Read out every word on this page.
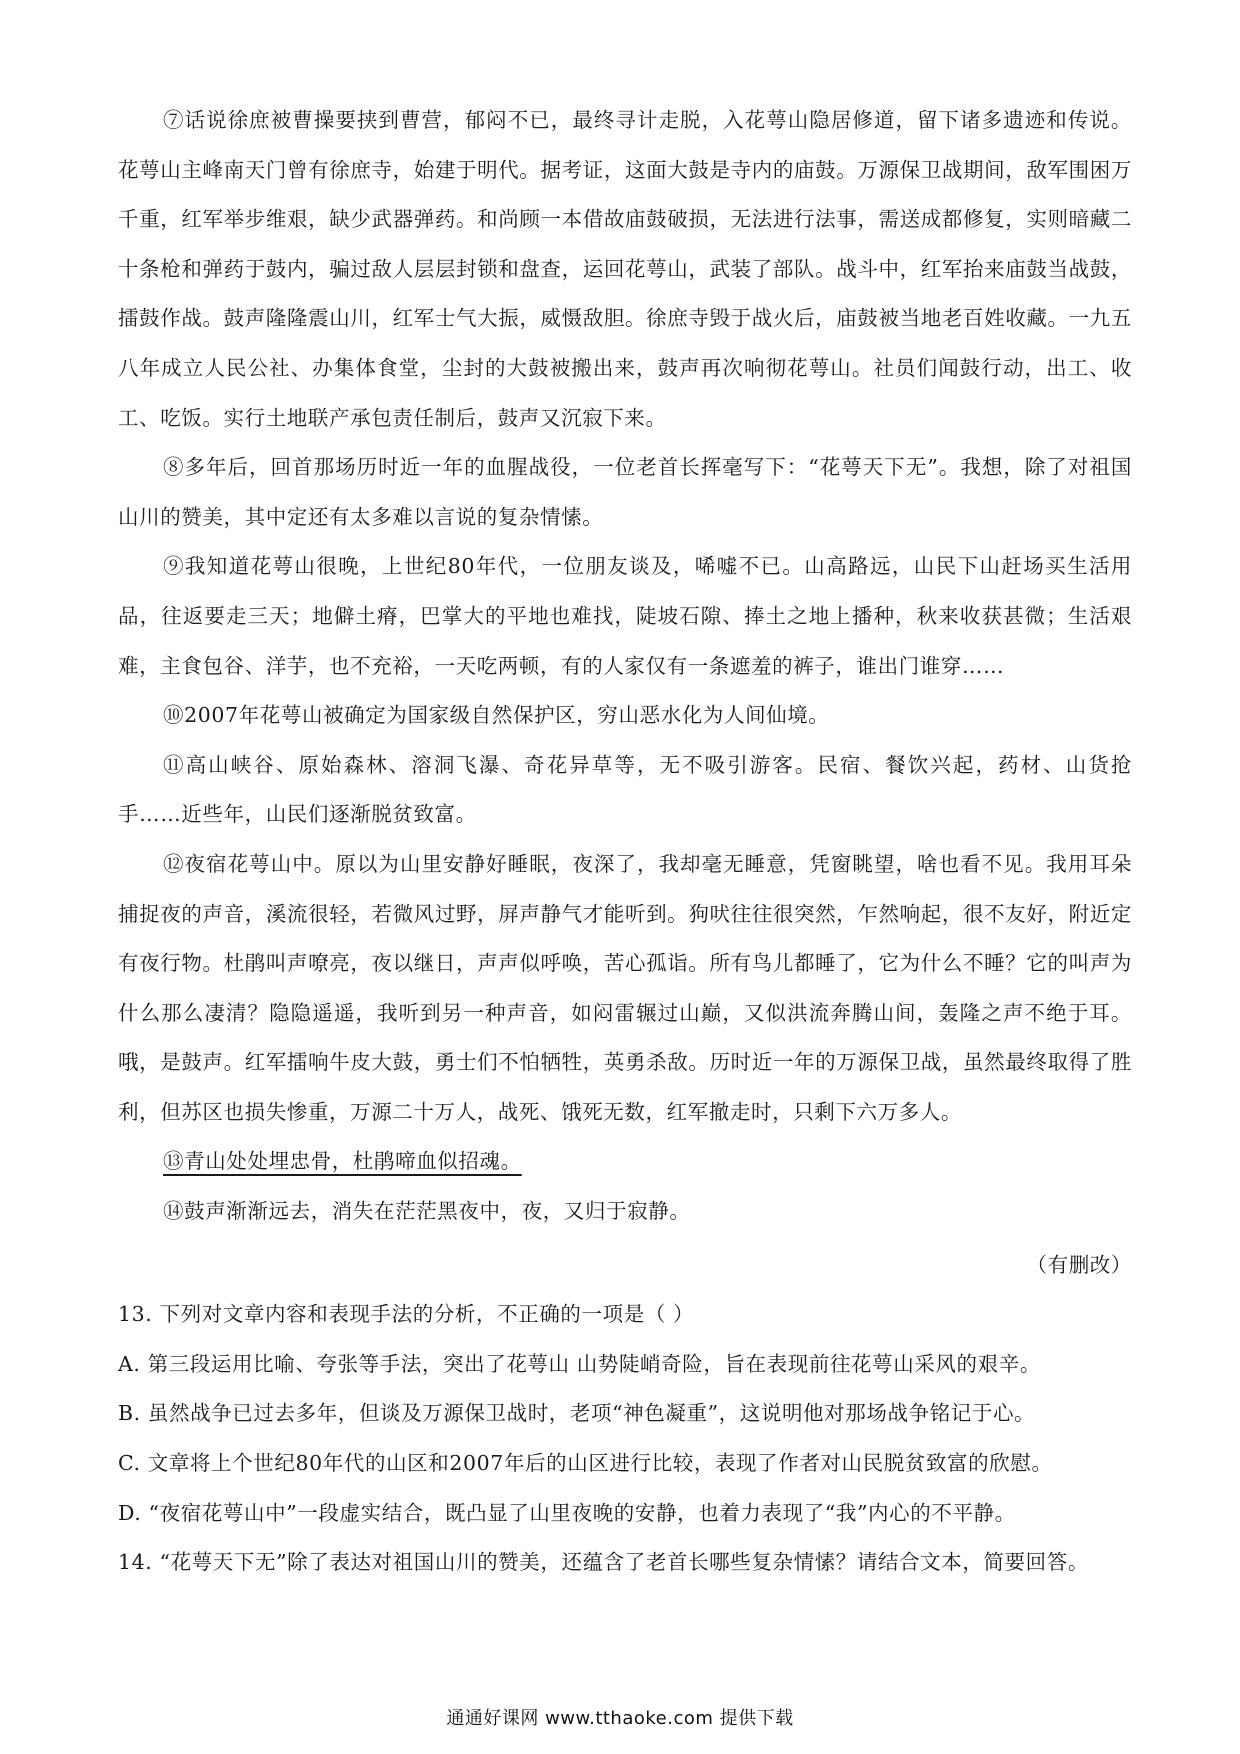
⑦话说徐庶被曹操要挟到曹营，郁闷不已，最终寻计走脱，入花萼山隐居修道，留下诸多遗迹和传说。花萼山主峰南天门曾有徐庶寺，始建于明代。据考证，这面大鼓是寺内的庙鼓。万源保卫战期间，敌军围困万千重，红军举步维艰，缺少武器弹药。和尚顾一本借故庙鼓破损，无法进行法事，需送成都修复，实则暗藏二十条枪和弹药于鼓内，骗过敌人层层封锁和盘查，运回花萼山，武装了部队。战斗中，红军抬来庙鼓当战鼓，擂鼓作战。鼓声隆隆震山川，红军士气大振，威慑敌胆。徐庶寺毁于战火后，庙鼓被当地老百姓收藏。一九五八年成立人民公社、办集体食堂，尘封的大鼓被搬出来，鼓声再次响彻花萼山。社员们闻鼓行动，出工、收工、吃饭。实行土地联产承包责任制后，鼓声又沉寂下来。

⑧多年后，回首那场历时近一年的血腥战役，一位老首长挥毫写下：“花萼天下无”。我想，除了对祖国山川的赞美，其中定还有太多难以言说的复杂情愫。

⑨我知道花萼山很晚，上世纪80年代，一位朋友谈及，唏嘘不已。山高路远，山民下山赶场买生活用品，往返要走三天；地僻土瘠，巴掌大的平地也难找，陡坡石隙、捧土之地上播种，秋来收获甚微；生活艰难，主食包谷、洋芋，也不充裕，一天吃两顿，有的人家仅有一条遮羞的裤子，谁出门谁穿……

⑩2007年花萼山被确定为国家级自然保护区，穷山恶水化为人间仙境。

⑪高山峡谷、原始森林、溶洞飞瀑、奇花异草等，无不吸引游客。民宿、餐饮兴起，药材、山货抢手……近些年，山民们逐渐脱贫致富。

⑫夜宿花萼山中。原以为山里安静好睡眠，夜深了，我却毫无睡意，凭窗眺望，啥也看不见。我用耳朵捕捉夜的声音，溪流很轻，若微风过野，屏声静气才能听到。狗吠往往很突然，乍然响起，很不友好，附近定有夜行物。杜鹃叫声嘹亮，夜以继日，声声似呼唤，苦心孤诣。所有鸟儿都睡了，它为什么不睡？它的叫声为什么那么凄清？隐隐遥遥，我听到另一种声音，如闷雷辗过山巅，又似洪流奔腾山间，轰隆之声不绝于耳。哦，是鼓声。红军擂响牛皮大鼓，勇士们不怕牺牲，英勇杀敌。历时近一年的万源保卫战，虽然最终取得了胜利，但苏区也损失惨重，万源二十万人，战死、饿死无数，红军撤走时，只剩下六万多人。

⑬青山处处埋忠骨，杜鹃啼血似招魂。

⑭鼓声渐渐远去，消失在茫茫黑夜中，夜，又归于寂静。

（有删改）

13. 下列对文章内容和表现手法的分析，不正确的一项是（ ）

A. 第三段运用比喻、夸张等手法，突出了花萼山 山势陡峭奇险，旨在表现前往花萼山采风的艰辛。

B. 虽然战争已过去多年，但谈及万源保卫战时，老项“神色凝重”，这说明他对那场战争铭记于心。

C. 文章将上个世纪80年代的山区和2007年后的山区进行比较，表现了作者对山民脱贫致富的欣慰。

D. “夜宿花萼山中”一段虚实结合，既凸显了山里夜晚的安静，也着力表现了“我”内心的不平静。

14. “花萼天下无”除了表达对祖国山川的赞美，还蕴含了老首长哪些复杂情愫？请结合文本，简要回答。

通通好课网 www.tthaoke.com 提供下载
